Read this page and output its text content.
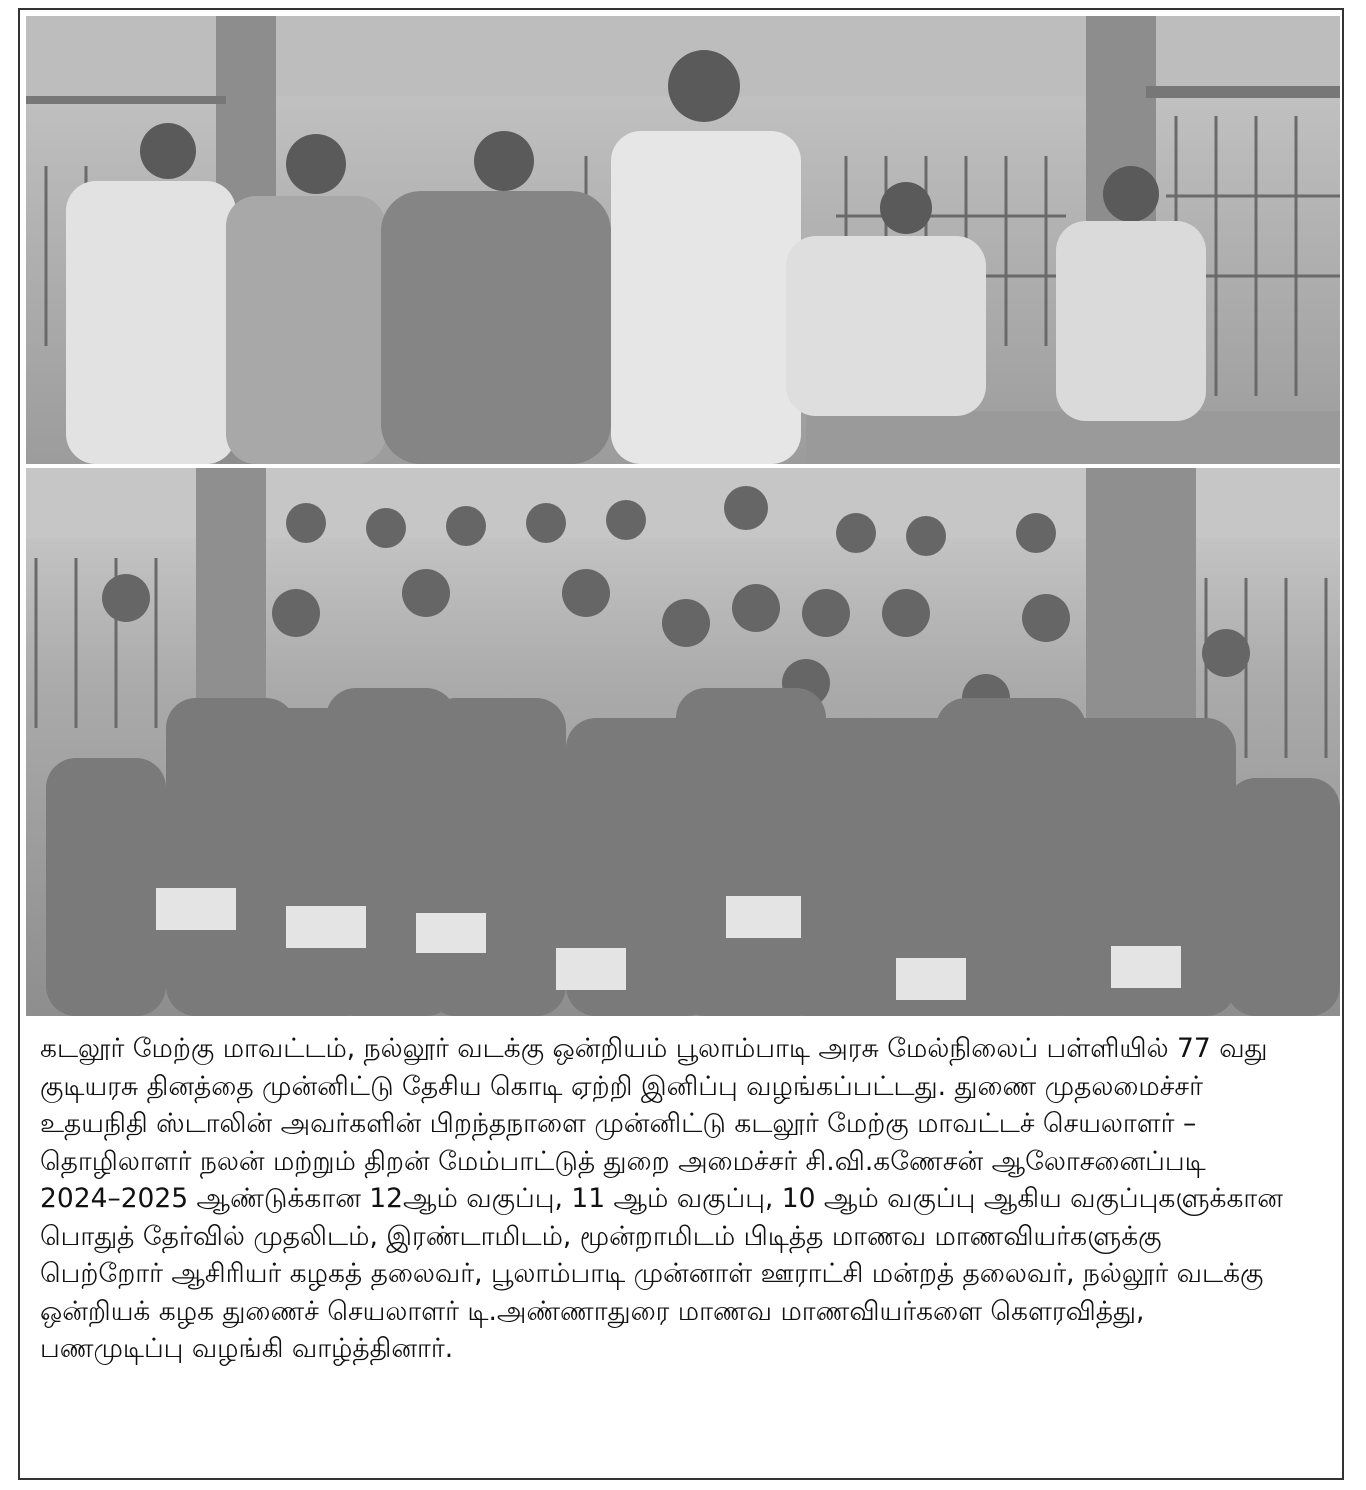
கடலூர் மேற்கு மாவட்டம், நல்லூர் வடக்கு ஒன்றியம் பூலாம்பாடி அரசு மேல்நிலைப் பள்ளியில் 77 வது
குடியரசு தினத்தை முன்னிட்டு தேசிய கொடி ஏற்றி இனிப்பு வழங்கப்பட்டது. துணை முதலமைச்சர்
உதயநிதி ஸ்டாலின் அவர்களின் பிறந்தநாளை முன்னிட்டு கடலூர் மேற்கு மாவட்டச் செயலாளர் –
தொழிலாளர் நலன் மற்றும் திறன் மேம்பாட்டுத் துறை அமைச்சர் சி.வி.கணேசன் ஆலோசனைப்படி
2024–2025 ஆண்டுக்கான 12ஆம் வகுப்பு, 11 ஆம் வகுப்பு, 10 ஆம் வகுப்பு ஆகிய வகுப்புகளுக்கான
பொதுத் தேர்வில் முதலிடம், இரண்டாமிடம், மூன்றாமிடம் பிடித்த மாணவ மாணவியர்களுக்கு
பெற்றோர் ஆசிரியர் கழகத் தலைவர், பூலாம்பாடி முன்னாள் ஊராட்சி மன்றத் தலைவர், நல்லூர் வடக்கு
ஒன்றியக் கழக துணைச் செயலாளர் டி.அண்ணாதுரை மாணவ மாணவியர்களை கௌரவித்து,
பணமுடிப்பு வழங்கி வாழ்த்தினார்.
